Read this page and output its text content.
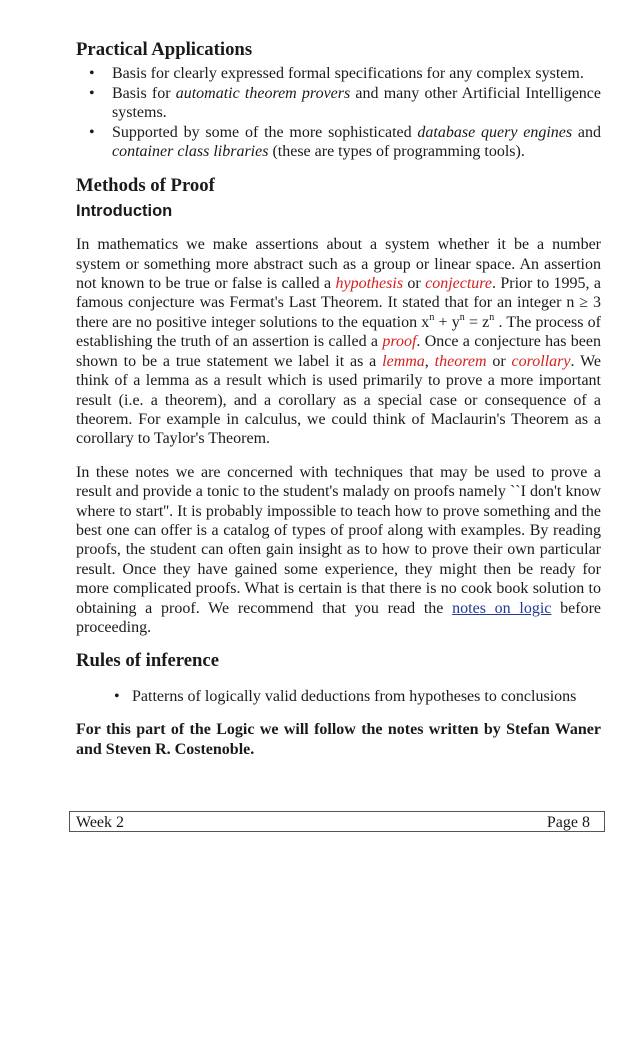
Practical Applications
• Basis for clearly expressed formal specifications for any complex system.
• Basis for automatic theorem provers and many other Artificial Intelligence systems.
• Supported by some of the more sophisticated database query engines and container class libraries (these are types of programming tools).
Methods of Proof
Introduction

In mathematics we make assertions about a system whether it be a number system or something more abstract such as a group or linear space. An assertion not known to be true or false is called a hypothesis or conjecture. Prior to 1995, a famous conjecture was Fermat's Last Theorem. It stated that for an integer n ≥ 3 there are no positive integer solutions to the equation $x^n + y^n = z^n$ . The process of establishing the truth of an assertion is called a proof. Once a conjecture has been shown to be a true statement we label it as a lemma, theorem or corollary. We think of a lemma as a result which is used primarily to prove a more important result (i.e. a theorem), and a corollary as a special case or consequence of a theorem. For example in calculus, we could think of Maclaurin's Theorem as a corollary to Taylor's Theorem.

In these notes we are concerned with techniques that may be used to prove a result and provide a tonic to the student's malady on proofs namely ``I don't know where to start''. It is probably impossible to teach how to prove something and the best one can offer is a catalog of types of proof along with examples. By reading proofs, the student can often gain insight as to how to prove their own particular result. Once they have gained some experience, they might then be ready for more complicated proofs. What is certain is that there is no cook book solution to obtaining a proof. We recommend that you read the notes on logic before proceeding.

Rules of inference
• Patterns of logically valid deductions from hypotheses to conclusions

For this part of the Logic we will follow the notes written by Stefan Waner and Steven R. Costenoble.

Week 2	Page 8
